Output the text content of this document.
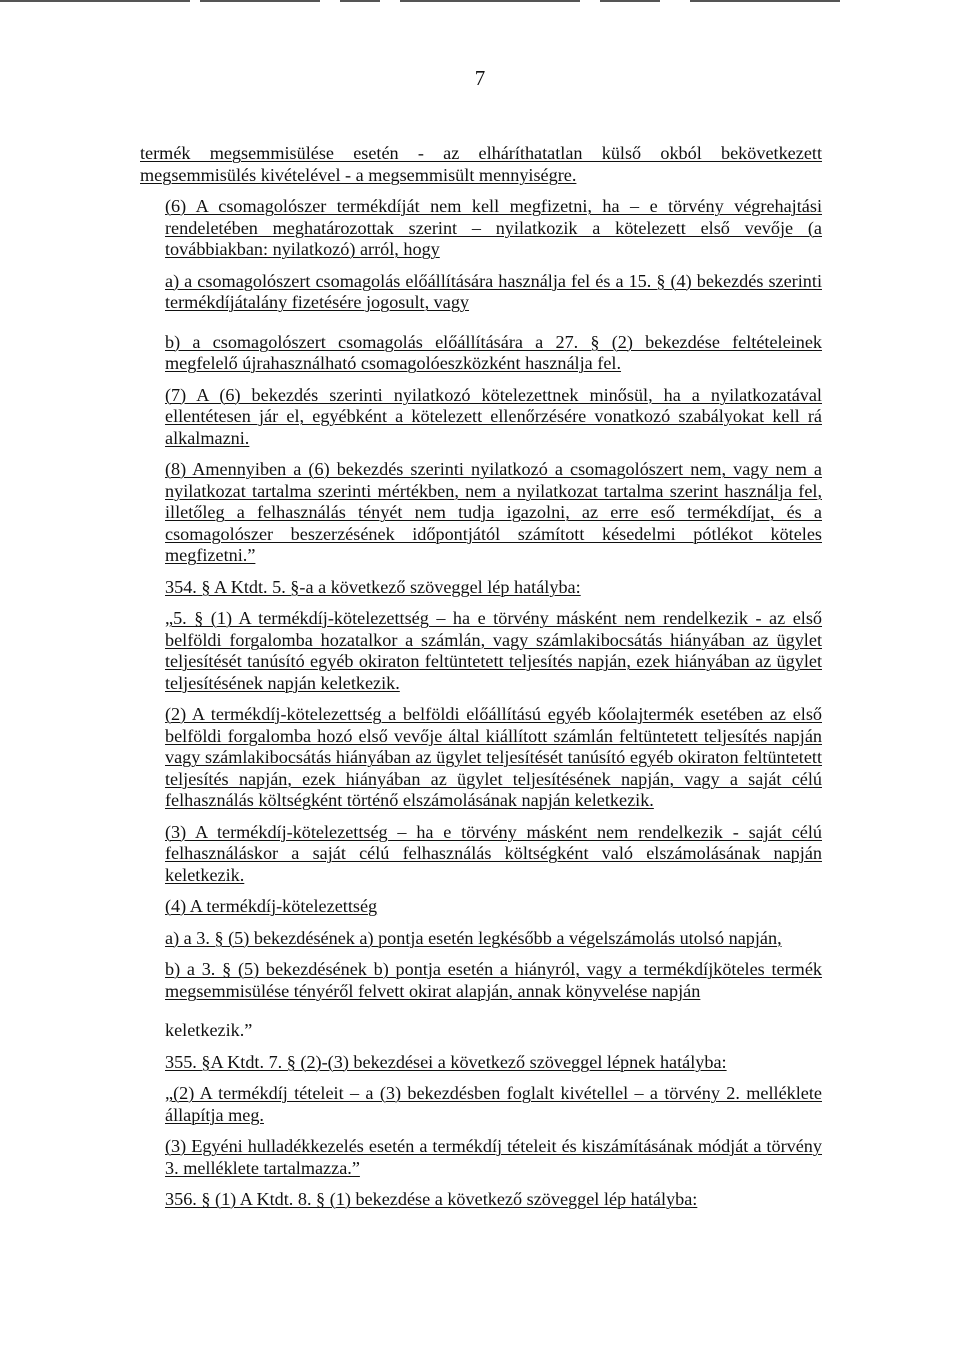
7

termék megsemmisülése esetén - az elháríthatatlan külső okból bekövetkezett megsemmisülés kivételével - a megsemmisült mennyiségre.

(6) A csomagolószer termékdíját nem kell megfizetni, ha – e törvény végrehajtási rendeletében meghatározottak szerint – nyilatkozik a kötelezett első vevője (a továbbiakban: nyilatkozó) arról, hogy

a) a csomagolószert csomagolás előállítására használja fel és a 15. § (4) bekezdés szerinti termékdíjátalány fizetésére jogosult, vagy

b) a csomagolószert csomagolás előállítására a 27. § (2) bekezdése feltételeinek megfelelő újrahasználható csomagolóeszközként használja fel.

(7) A (6) bekezdés szerinti nyilatkozó kötelezettnek minősül, ha a nyilatkozatával ellentétesen jár el, egyébként a kötelezett ellenőrzésére vonatkozó szabályokat kell rá alkalmazni.

(8) Amennyiben a (6) bekezdés szerinti nyilatkozó a csomagolószert nem, vagy nem a nyilatkozat tartalma szerinti mértékben, nem a nyilatkozat tartalma szerint használja fel, illetőleg a felhasználás tényét nem tudja igazolni, az erre eső termékdíjat, és a csomagolószer beszerzésének időpontjától számított késedelmi pótlékot köteles megfizetni.”

354. § A Ktdt. 5. §-a a következő szöveggel lép hatályba:

„5. § (1) A termékdíj-kötelezettség – ha e törvény másként nem rendelkezik - az első belföldi forgalomba hozatalkor a számlán, vagy számlakibocsátás hiányában az ügylet teljesítését tanúsító egyéb okiraton feltüntetett teljesítés napján, ezek hiányában az ügylet teljesítésének napján keletkezik.

(2) A termékdíj-kötelezettség a belföldi előállítású egyéb kőolajtermék esetében az első belföldi forgalomba hozó első vevője által kiállított számlán feltüntetett teljesítés napján vagy számlakibocsátás hiányában az ügylet teljesítését tanúsító egyéb okiraton feltüntetett teljesítés napján, ezek hiányában az ügylet teljesítésének napján, vagy a saját célú felhasználás költségként történő elszámolásának napján keletkezik.

(3) A termékdíj-kötelezettség – ha e törvény másként nem rendelkezik - saját célú felhasználáskor a saját célú felhasználás költségként való elszámolásának napján keletkezik.

(4) A termékdíj-kötelezettség

a) a 3. § (5) bekezdésének a) pontja esetén legkésőbb a végelszámolás utolsó napján,

b) a 3. § (5) bekezdésének b) pontja esetén a hiányról, vagy a termékdíjköteles termék megsemmisülése tényéről felvett okirat alapján, annak könyvelése napján

keletkezik.”

355. §A Ktdt. 7. § (2)-(3) bekezdései a következő szöveggel lépnek hatályba:

„(2) A termékdíj tételeit – a (3) bekezdésben foglalt kivétellel – a törvény 2. melléklete állapítja meg.

(3) Egyéni hulladékkezelés esetén a termékdíj tételeit és kiszámításának módját a törvény 3. melléklete tartalmazza.”

356. § (1) A Ktdt. 8. § (1) bekezdése a következő szöveggel lép hatályba:
